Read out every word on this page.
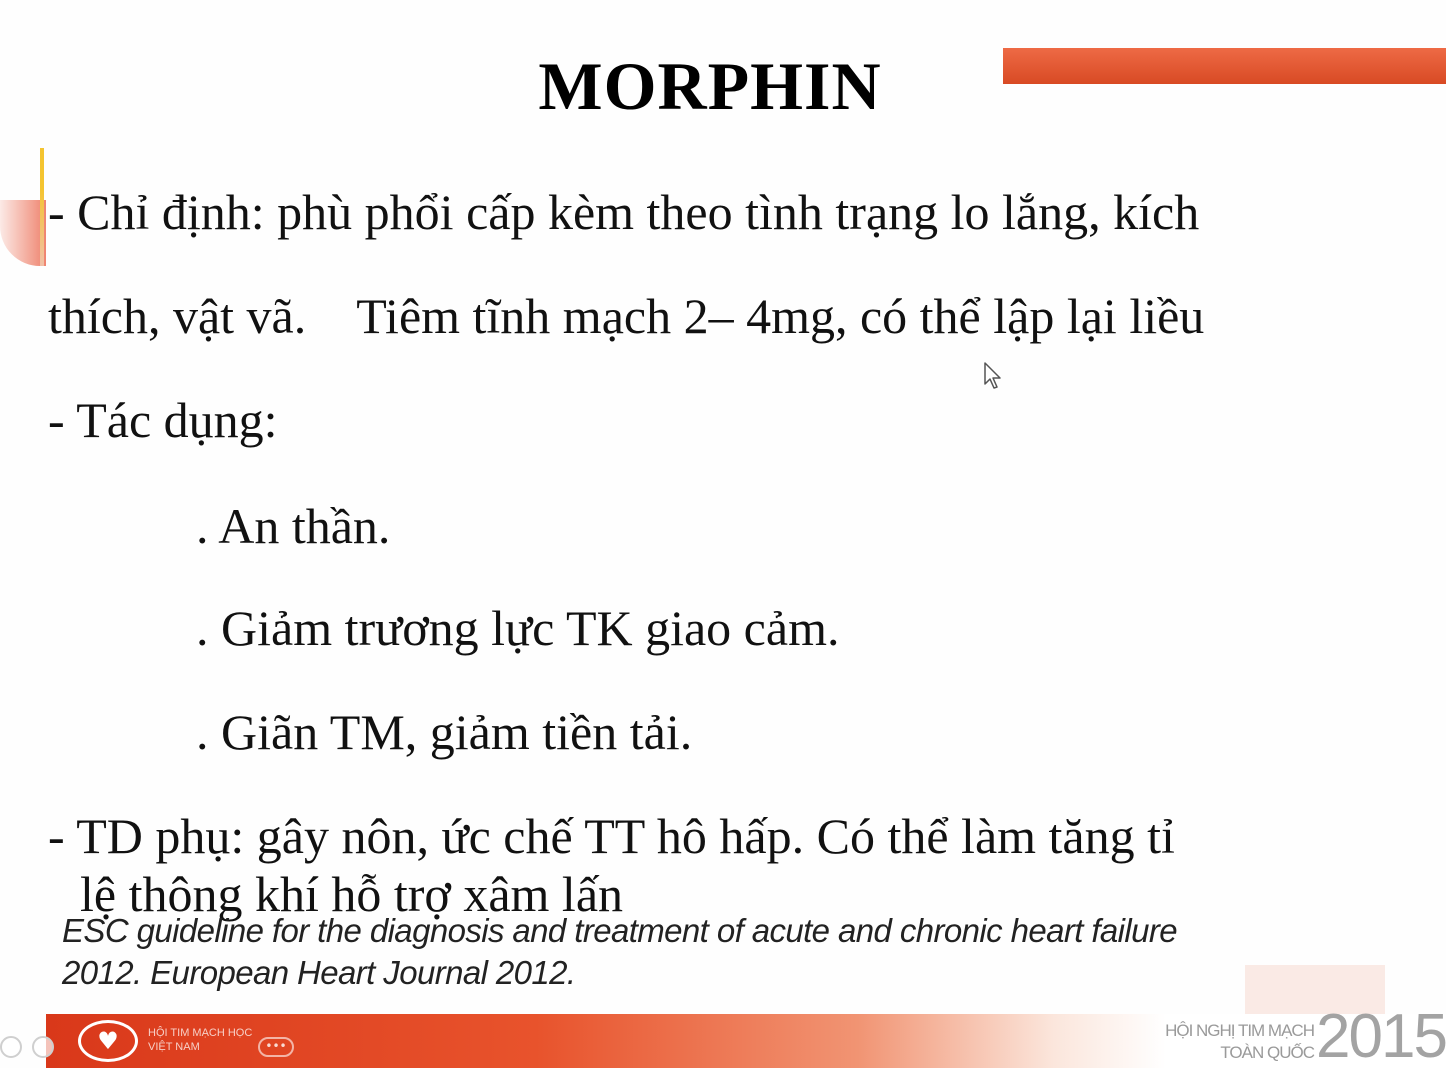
MORPHIN
- Chỉ định: phù phổi cấp kèm theo tình trạng lo lắng, kích
thích, vật vã. Tiêm tĩnh mạch 2– 4mg, có thể lập lại liều
- Tác dụng:
. An thần.
. Giảm trương lực TK giao cảm.
. Giãn TM, giảm tiền tải.
- TD phụ: gây nôn, ức chế TT hô hấp. Có thể làm tăng tỉ
lệ thông khí hỗ trợ xâm lấn
ESC guideline for the diagnosis and treatment of acute and chronic heart failure
2012. European Heart Journal 2012.
♥	HỘI TIM MẠCH HỌC
VIỆT NAM	•••
HỘI NGHỊ TIM MẠCH
TOÀN QUỐC 2015
